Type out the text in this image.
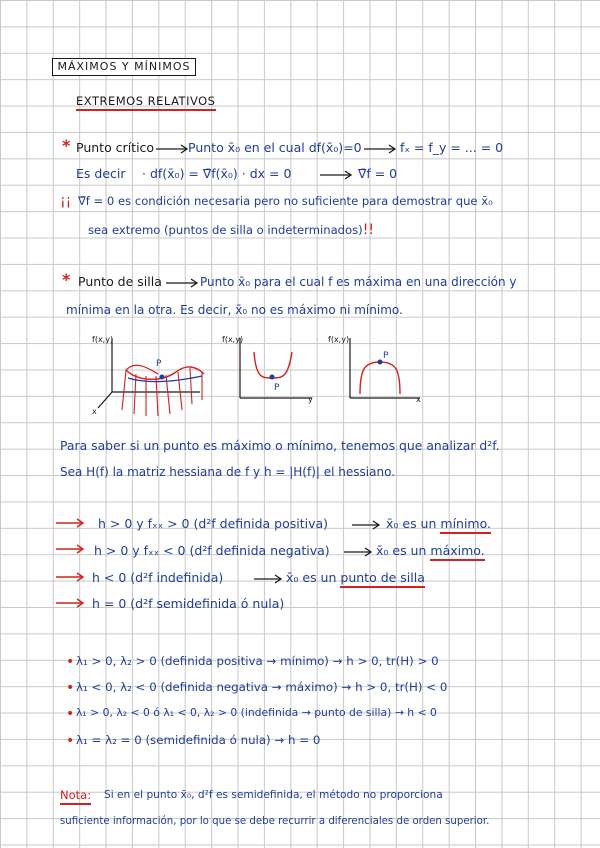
MÁXIMOS Y MÍNIMOS
EXTREMOS RELATIVOS
* Punto crítico	Punto x̄₀ en el cual df(x̄₀)=0	fₓ = f_y = ... = 0
Es decir · df(x̄₀) = ∇̄f(x̄₀) · dx = 0	∇̄f = 0
¡¡ ∇̄f = 0 es condición necesaria pero no suficiente para demostrar que x̄₀
sea extremo (puntos de silla o indeterminados)!!
* Punto de silla	Punto x̄₀ para el cual f es máxima en una dirección y
mínima en la otra. Es decir, x̄₀ no es máximo ni mínimo.
P
f(x,y)
x
P
f(x,y)
y
P
f(x,y)
x
Para saber si un punto es máximo o mínimo, tenemos que analizar d²f.
Sea H(f) la matriz hessiana de f y h = |H(f)| el hessiano.
h > 0 y fₓₓ > 0 (d²f definida positiva)	x̄₀ es un mínimo.
h > 0 y fₓₓ < 0 (d²f definida negativa)	x̄₀ es un máximo.
h < 0 (d²f indefinida)	x̄₀ es un punto de silla
h = 0 (d²f semidefinida ó nula)
• λ₁ > 0, λ₂ > 0 (definida positiva → mínimo) → h > 0, tr(H) > 0
• λ₁ < 0, λ₂ < 0 (definida negativa → máximo) → h > 0, tr(H) < 0
• λ₁ > 0, λ₂ < 0 ó λ₁ < 0, λ₂ > 0 (indefinida → punto de silla) → h < 0
• λ₁ = λ₂ = 0 (semidefinida ó nula) → h = 0
Nota: Si en el punto x̄₀, d²f es semidefinida, el método no proporciona
suficiente información, por lo que se debe recurrir a diferenciales de orden superior.
